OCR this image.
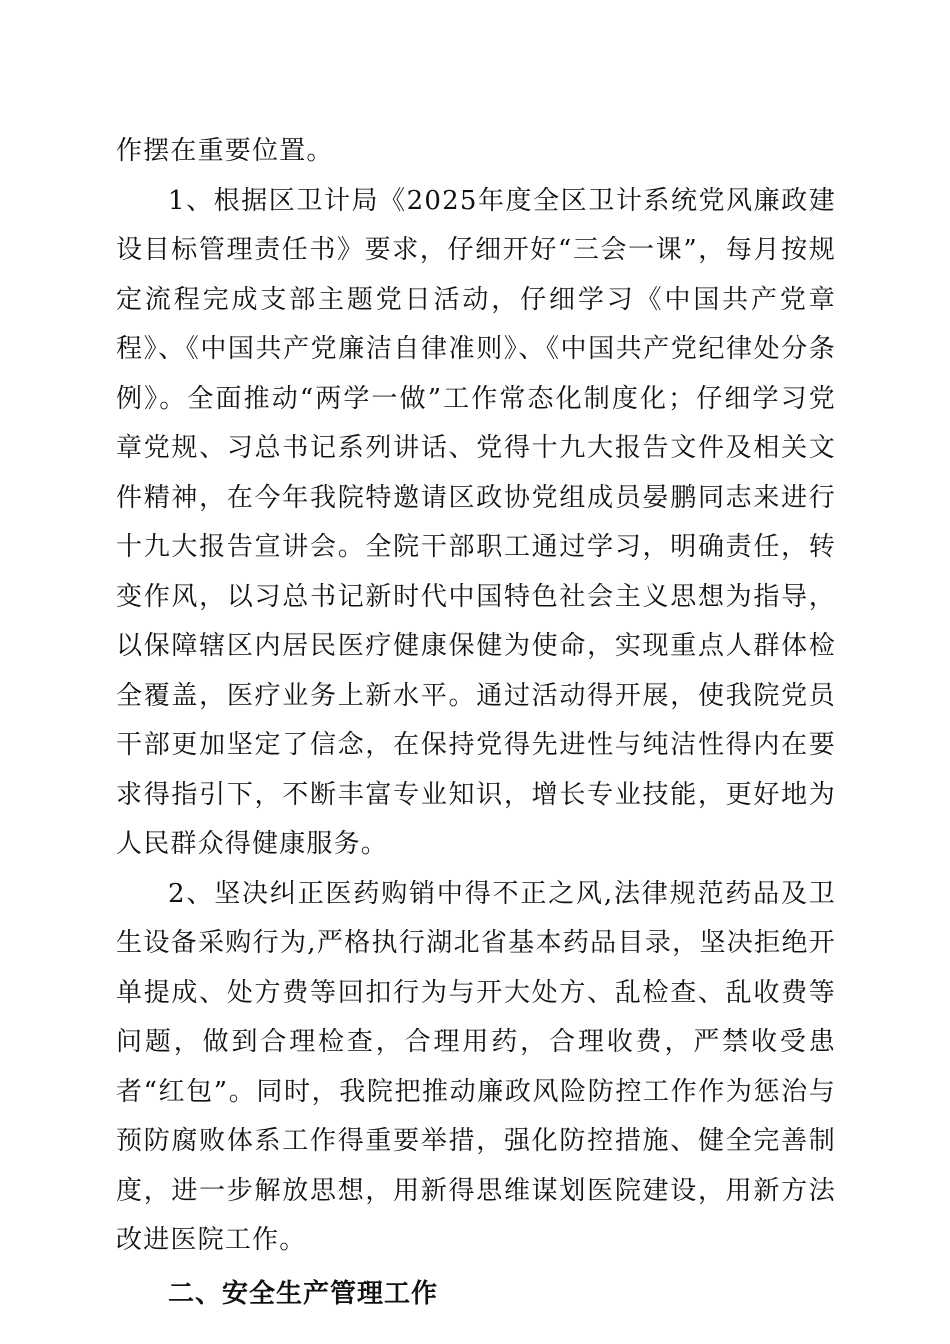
作摆在重要位置。

1、根据区卫计局《2025年度全区卫计系统党风廉政建设目标管理责任书》要求，仔细开好“三会一课”，每月按规定流程完成支部主题党日活动，仔细学习《中国共产党章程》、《中国共产党廉洁自律准则》、《中国共产党纪律处分条例》。全面推动“两学一做”工作常态化制度化；仔细学习党章党规、习总书记系列讲话、党得十九大报告文件及相关文件精神，在今年我院特邀请区政协党组成员晏鹏同志来进行十九大报告宣讲会。全院干部职工通过学习，明确责任，转变作风，以习总书记新时代中国特色社会主义思想为指导，以保障辖区内居民医疗健康保健为使命，实现重点人群体检全覆盖，医疗业务上新水平。通过活动得开展，使我院党员干部更加坚定了信念，在保持党得先进性与纯洁性得内在要求得指引下，不断丰富专业知识，增长专业技能，更好地为人民群众得健康服务。

2、坚决纠正医药购销中得不正之风,法律规范药品及卫生设备采购行为,严格执行湖北省基本药品目录，坚决拒绝开单提成、处方费等回扣行为与开大处方、乱检查、乱收费等问题，做到合理检查，合理用药，合理收费，严禁收受患者“红包”。同时，我院把推动廉政风险防控工作作为惩治与预防腐败体系工作得重要举措，强化防控措施、健全完善制度，进一步解放思想，用新得思维谋划医院建设，用新方法改进医院工作。

二、安全生产管理工作
